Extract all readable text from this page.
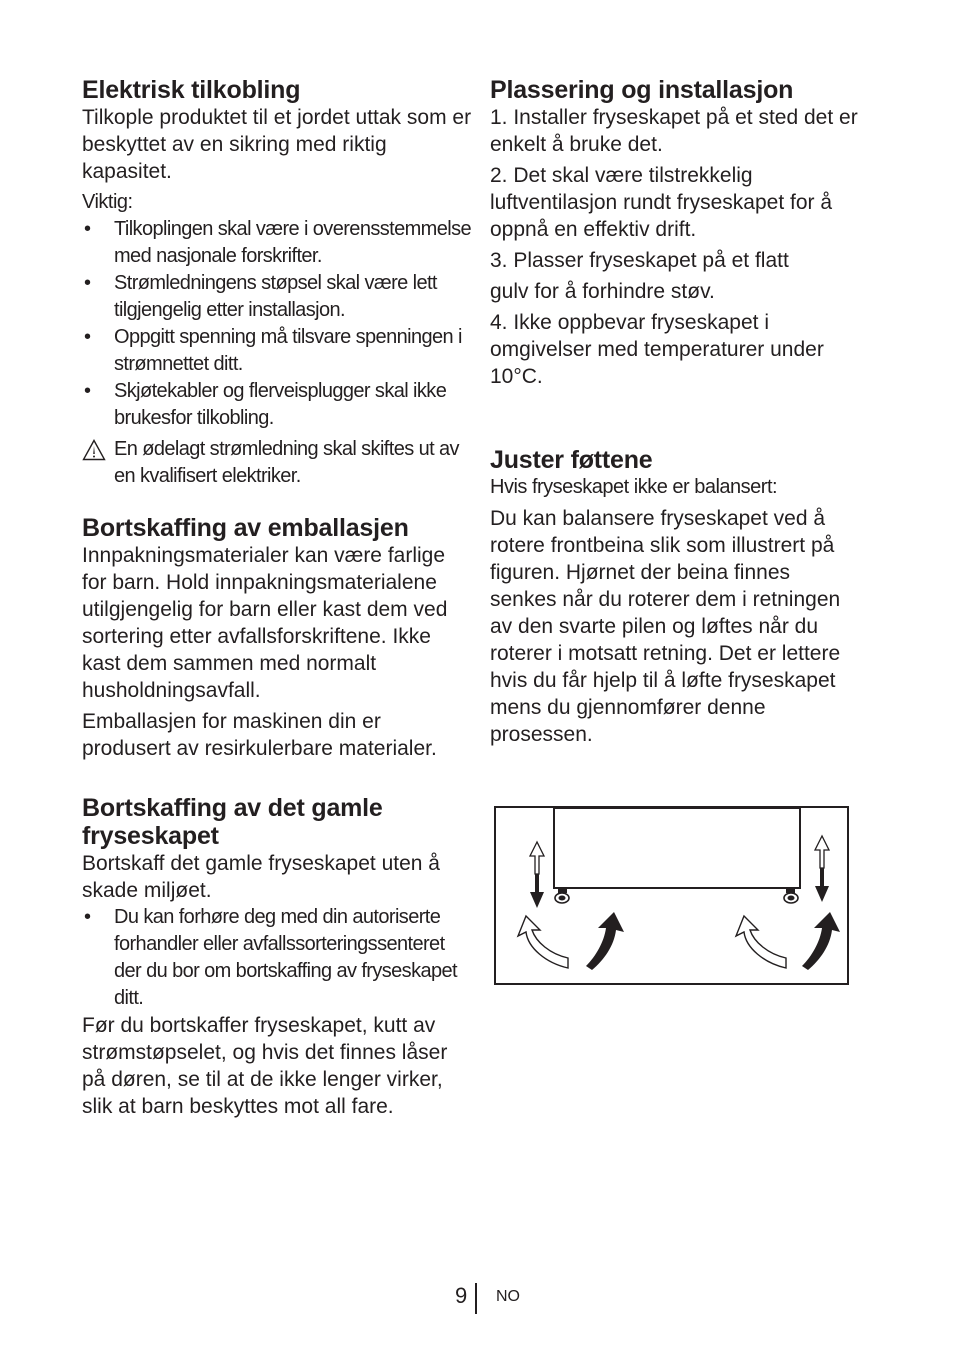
Elektrisk tilkobling

Tilkople produktet til et jordet uttak som er beskyttet av en sikring med riktig kapasitet.

Viktig:

• Tilkoplingen skal være i overensstemmelse med nasjonale forskrifter.
• Strømledningens støpsel skal være lett tilgjengelig etter installasjon.
• Oppgitt spenning må tilsvare spenningen i strømnettet ditt.
• Skjøtekabler og flerveisplugger skal ikke brukesfor tilkobling.
En ødelagt strømledning skal skiftes ut av en kvalifisert elektriker.
Bortskaffing av emballasjen

Innpakningsmaterialer kan være farlige for barn. Hold innpakningsmaterialene utilgjengelig for barn eller kast dem ved sortering etter avfallsforskriftene. Ikke kast dem sammen med normalt husholdningsavfall.

Emballasjen for maskinen din er produsert av resirkulerbare materialer.

Bortskaffing av det gamle fryseskapet

Bortskaff det gamle fryseskapet uten å skade miljøet.

• Du kan forhøre deg med din autoriserte forhandler eller avfallssorteringssenteret der du bor om bortskaffing av fryseskapet ditt.

Før du bortskaffer fryseskapet, kutt av strømstøpselet, og hvis det finnes låser på døren, se til at de ikke lenger virker, slik at barn beskyttes mot all fare.

Plassering og installasjon

1. Installer fryseskapet på et sted det er enkelt å bruke det.

2. Det skal være tilstrekkelig luftventilasjon rundt fryseskapet for å oppnå en effektiv drift.

3. Plasser fryseskapet på et flatt

gulv for å forhindre støv.

4. Ikke oppbevar fryseskapet i omgivelser med temperaturer under 10°C.

Juster føttene

Hvis fryseskapet ikke er balansert:

Du kan balansere fryseskapet ved å rotere frontbeina slik som illustrert på figuren. Hjørnet der beina finnes senkes når du roterer dem i retningen av den svarte pilen og løftes når du roterer i motsatt retning. Det er lettere hvis du får hjelp til å løfte fryseskapet mens du gjennomfører denne prosessen.

9 NO
